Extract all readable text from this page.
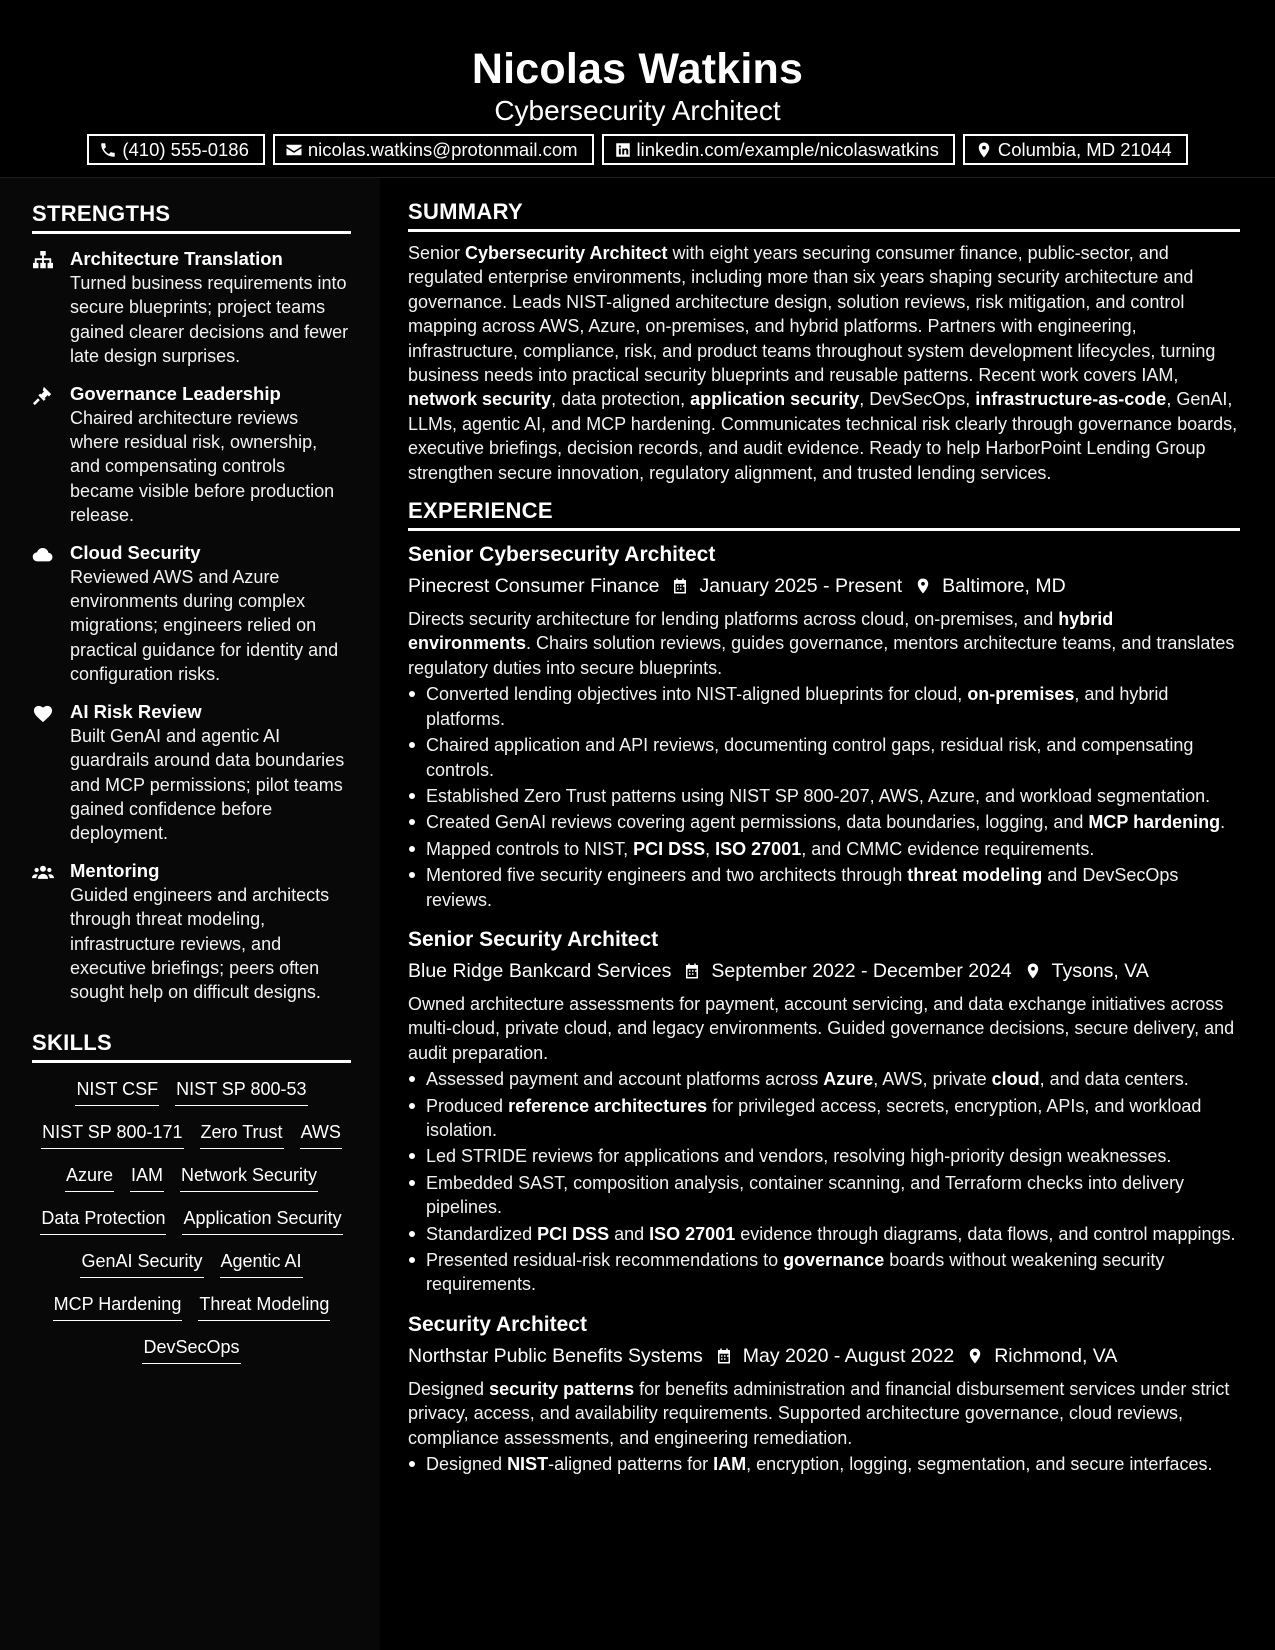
Nicolas Watkins
Cybersecurity Architect
(410) 555-0186	nicolas.watkins@protonmail.com	linkedin.com/example/nicolaswatkins	Columbia, MD 21044
STRENGTHS
Architecture Translation
Turned business requirements into secure blueprints; project teams gained clearer decisions and fewer late design surprises.
Governance Leadership
Chaired architecture reviews where residual risk, ownership, and compensating controls became visible before production release.
Cloud Security
Reviewed AWS and Azure environments during complex migrations; engineers relied on practical guidance for identity and configuration risks.
AI Risk Review
Built GenAI and agentic AI guardrails around data boundaries and MCP permissions; pilot teams gained confidence before deployment.
Mentoring
Guided engineers and architects through threat modeling, infrastructure reviews, and executive briefings; peers often sought help on difficult designs.
SKILLS
NIST CSF NIST SP 800-53
NIST SP 800-171 Zero Trust AWS
Azure IAM Network Security
Data Protection Application Security
GenAI Security Agentic AI
MCP Hardening Threat Modeling
DevSecOps
SUMMARY
Senior Cybersecurity Architect with eight years securing consumer finance, public-sector, and regulated enterprise environments, including more than six years shaping security architecture and governance. Leads NIST-aligned architecture design, solution reviews, risk mitigation, and control mapping across AWS, Azure, on-premises, and hybrid platforms. Partners with engineering, infrastructure, compliance, risk, and product teams throughout system development lifecycles, turning business needs into practical security blueprints and reusable patterns. Recent work covers IAM, network security, data protection, application security, DevSecOps, infrastructure-as-code, GenAI, LLMs, agentic AI, and MCP hardening. Communicates technical risk clearly through governance boards, executive briefings, decision records, and audit evidence. Ready to help HarborPoint Lending Group strengthen secure innovation, regulatory alignment, and trusted lending services.
EXPERIENCE
Senior Cybersecurity Architect
Pinecrest Consumer Finance January 2025 - Present Baltimore, MD
Directs security architecture for lending platforms across cloud, on-premises, and hybrid environments. Chairs solution reviews, guides governance, mentors architecture teams, and translates regulatory duties into secure blueprints.
Converted lending objectives into NIST-aligned blueprints for cloud, on-premises, and hybrid platforms.
Chaired application and API reviews, documenting control gaps, residual risk, and compensating controls.
Established Zero Trust patterns using NIST SP 800-207, AWS, Azure, and workload segmentation.
Created GenAI reviews covering agent permissions, data boundaries, logging, and MCP hardening.
Mapped controls to NIST, PCI DSS, ISO 27001, and CMMC evidence requirements.
Mentored five security engineers and two architects through threat modeling and DevSecOps reviews.
Senior Security Architect
Blue Ridge Bankcard Services September 2022 - December 2024 Tysons, VA
Owned architecture assessments for payment, account servicing, and data exchange initiatives across multi-cloud, private cloud, and legacy environments. Guided governance decisions, secure delivery, and audit preparation.
Assessed payment and account platforms across Azure, AWS, private cloud, and data centers.
Produced reference architectures for privileged access, secrets, encryption, APIs, and workload isolation.
Led STRIDE reviews for applications and vendors, resolving high-priority design weaknesses.
Embedded SAST, composition analysis, container scanning, and Terraform checks into delivery pipelines.
Standardized PCI DSS and ISO 27001 evidence through diagrams, data flows, and control mappings.
Presented residual-risk recommendations to governance boards without weakening security requirements.
Security Architect
Northstar Public Benefits Systems May 2020 - August 2022 Richmond, VA
Designed security patterns for benefits administration and financial disbursement services under strict privacy, access, and availability requirements. Supported architecture governance, cloud reviews, compliance assessments, and engineering remediation.
Designed NIST-aligned patterns for IAM, encryption, logging, segmentation, and secure interfaces.
